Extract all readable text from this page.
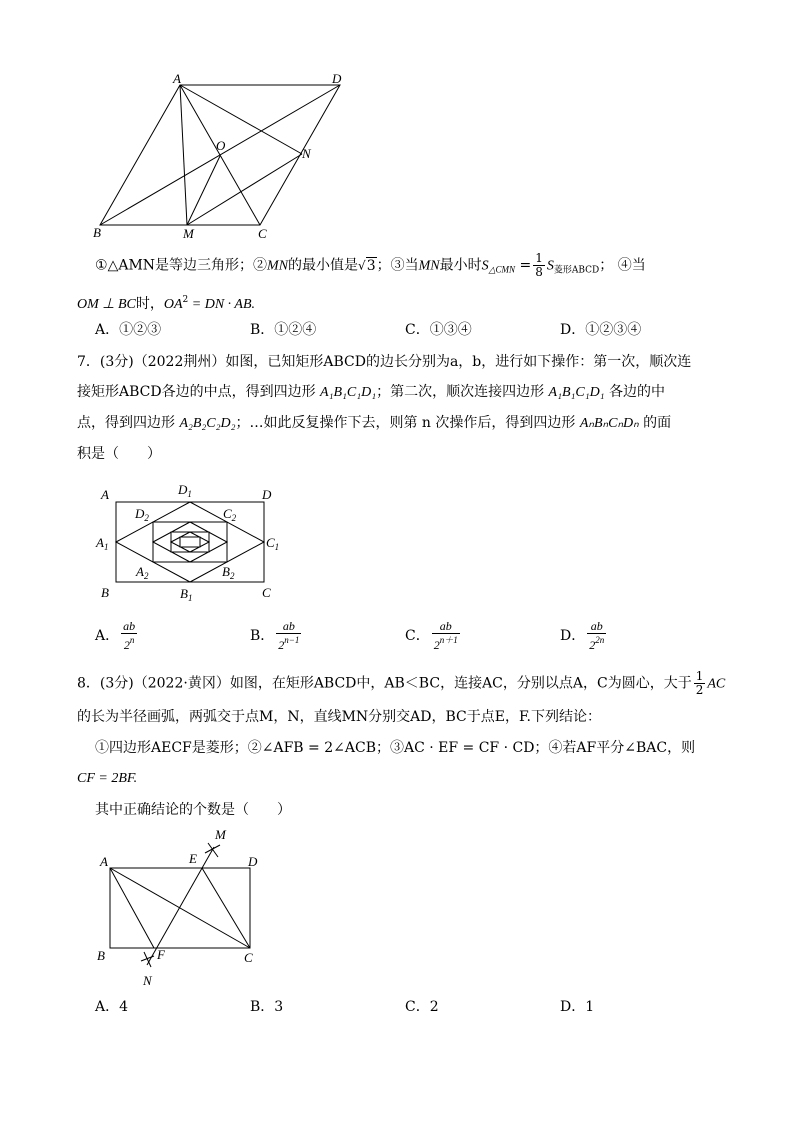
A	D
O
N
B	M	C
①△AMN是等边三角形；②MN的最小值是√3；③当MN最小时$S_{\triangle CMN} = \frac{1}{8} S_{菱形ABCD}$； ④当
OM ⊥ BC时，$OA^2$ = DN · AB.
A．①②③	B．①②④	C．①③④	D．①②③④
7．(3分)（2022荆州）如图，已知矩形ABCD的边长分别为a，b，进行如下操作：第一次，顺次连
接矩形ABCD各边的中点，得到四边形 A₁B₁C₁D₁；第二次，顺次连接四边形 A₁B₁C₁D₁ 各边的中
点，得到四边形 A₂B₂C₂D₂；…如此反复操作下去，则第 n 次操作后，得到四边形 AₙBₙCₙDₙ 的面
积是（　　）
A	$D_1$	D
$D_2$	$C_2$
$A_1$	$C_1$
$A_2$	$B_2$
B	$B_1$	C
A． $\frac{ab}{2^n}$	B． $\frac{ab}{2^{n-1}}$	C． $\frac{ab}{2^{n+1}}$	D． $\frac{ab}{2^{2n}}$
8．(3分)（2022·黄冈）如图，在矩形ABCD中，AB＜BC，连接AC，分别以点A，C为圆心，大于 $\frac{1}{2}$ AC
的长为半径画弧，两弧交于点M，N，直线MN分别交AD，BC于点E，F.下列结论：
①四边形AECF是菱形；②∠AFB = 2∠ACB；③AC · EF = CF · CD；④若AF平分∠BAC，则
CF = 2BF.
其中正确结论的个数是（　　）
M
A	E	D
B	F	C
N
A．4	B．3	C．2	D．1
